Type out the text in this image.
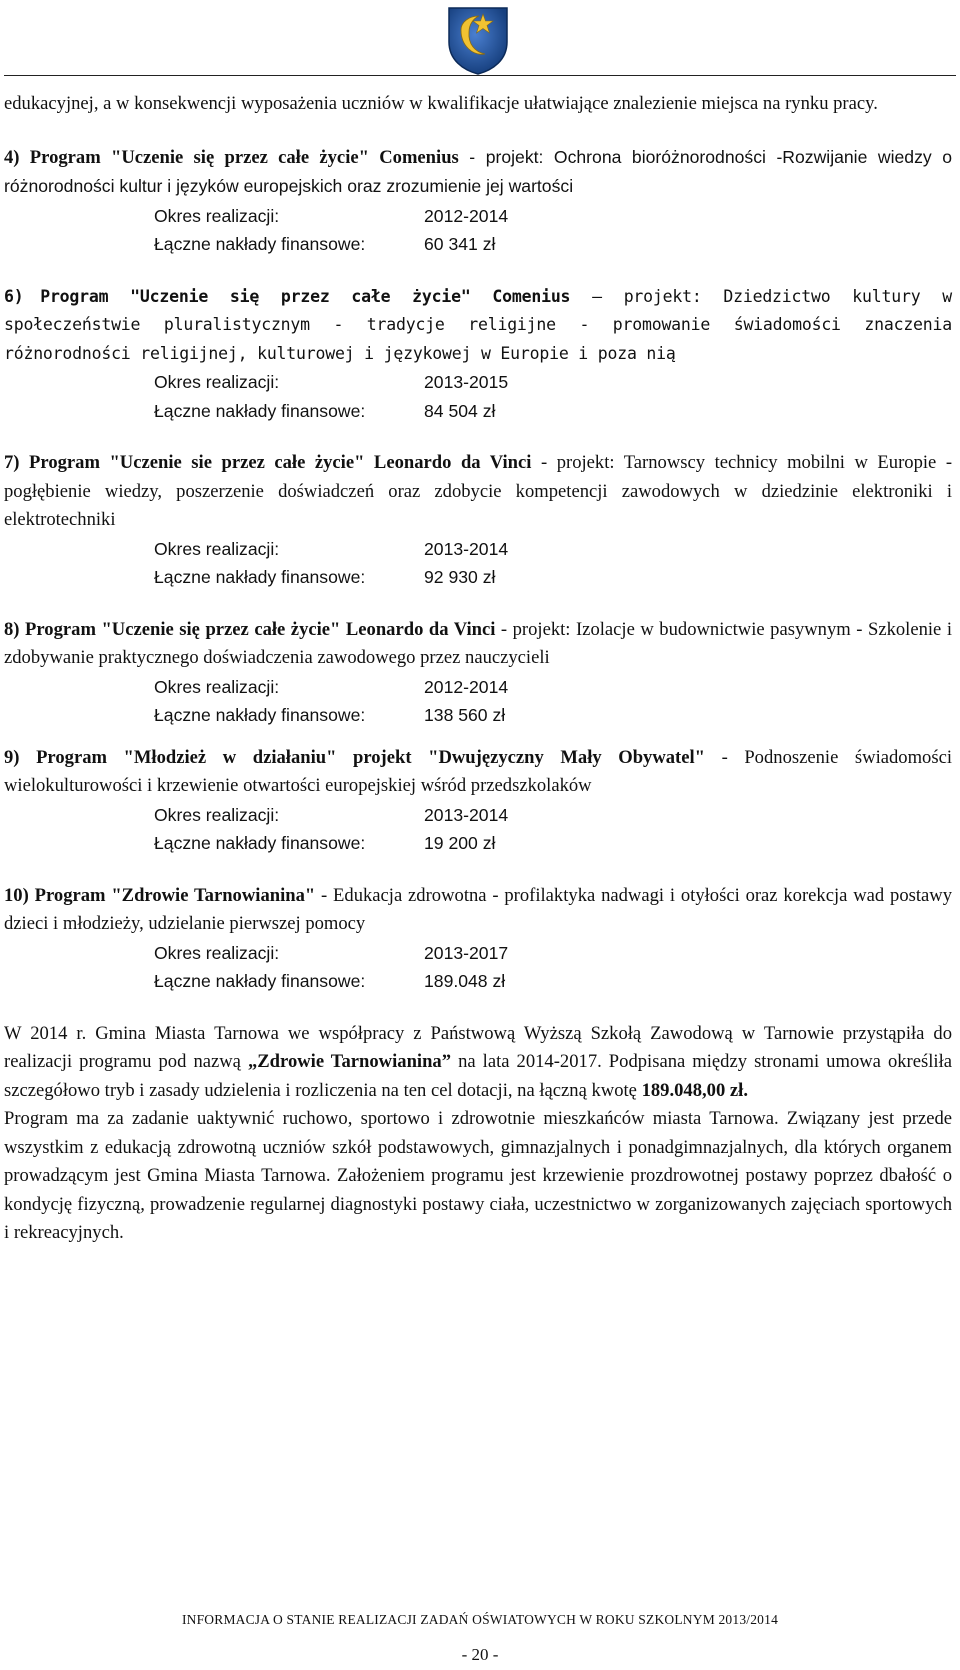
edukacyjnej, a w konsekwencji wyposażenia uczniów w kwalifikacje ułatwiające znalezienie miejsca na rynku pracy.

4) Program "Uczenie się przez całe życie" Comenius - projekt: Ochrona bioróżnorodności -Rozwijanie wiedzy o różnorodności kultur i języków europejskich oraz zrozumienie jej wartości

Okres realizacji:	2012-2014
Łączne nakłady finansowe:	60 341 zł

6) Program "Uczenie się przez całe życie" Comenius – projekt: Dziedzictwo kultury w społeczeństwie pluralistycznym - tradycje religijne - promowanie świadomości znaczenia różnorodności religijnej, kulturowej i językowej w Europie i poza nią

Okres realizacji:	2013-2015
Łączne nakłady finansowe:	84 504 zł

7) Program "Uczenie sie przez całe życie" Leonardo da Vinci - projekt: Tarnowscy technicy mobilni w Europie - pogłębienie wiedzy, poszerzenie doświadczeń oraz zdobycie kompetencji zawodowych w dziedzinie elektroniki i elektrotechniki

Okres realizacji:	2013-2014
Łączne nakłady finansowe:	92 930 zł

8) Program "Uczenie się przez całe życie" Leonardo da Vinci - projekt: Izolacje w budownictwie pasywnym - Szkolenie i zdobywanie praktycznego doświadczenia zawodowego przez nauczycieli

Okres realizacji:	2012-2014
Łączne nakłady finansowe:	138 560 zł

9) Program "Młodzież w działaniu" projekt "Dwujęzyczny Mały Obywatel" - Podnoszenie świadomości wielokulturowości i krzewienie otwartości europejskiej wśród przedszkolaków

Okres realizacji:	2013-2014
Łączne nakłady finansowe:	19 200 zł

10) Program "Zdrowie Tarnowianina" - Edukacja zdrowotna - profilaktyka nadwagi i otyłości oraz korekcja wad postawy dzieci i młodzieży, udzielanie pierwszej pomocy

Okres realizacji:	2013-2017
Łączne nakłady finansowe:	189.048 zł

W 2014 r. Gmina Miasta Tarnowa we współpracy z Państwową Wyższą Szkołą Zawodową w Tarnowie przystąpiła do realizacji programu pod nazwą „Zdrowie Tarnowianina” na lata 2014-2017. Podpisana między stronami umowa określiła szczegółowo tryb i zasady udzielenia i rozliczenia na ten cel dotacji, na łączną kwotę 189.048,00 zł.

Program ma za zadanie uaktywnić ruchowo, sportowo i zdrowotnie mieszkańców miasta Tarnowa. Związany jest przede wszystkim z edukacją zdrowotną uczniów szkół podstawowych, gimnazjalnych i ponadgimnazjalnych, dla których organem prowadzącym jest Gmina Miasta Tarnowa. Założeniem programu jest krzewienie prozdrowotnej postawy poprzez dbałość o kondycję fizyczną, prowadzenie regularnej diagnostyki postawy ciała, uczestnictwo w zorganizowanych zajęciach sportowych i rekreacyjnych.

INFORMACJA O STANIE REALIZACJI ZADAŃ OŚWIATOWYCH W ROKU SZKOLNYM 2013/2014
- 20 -
